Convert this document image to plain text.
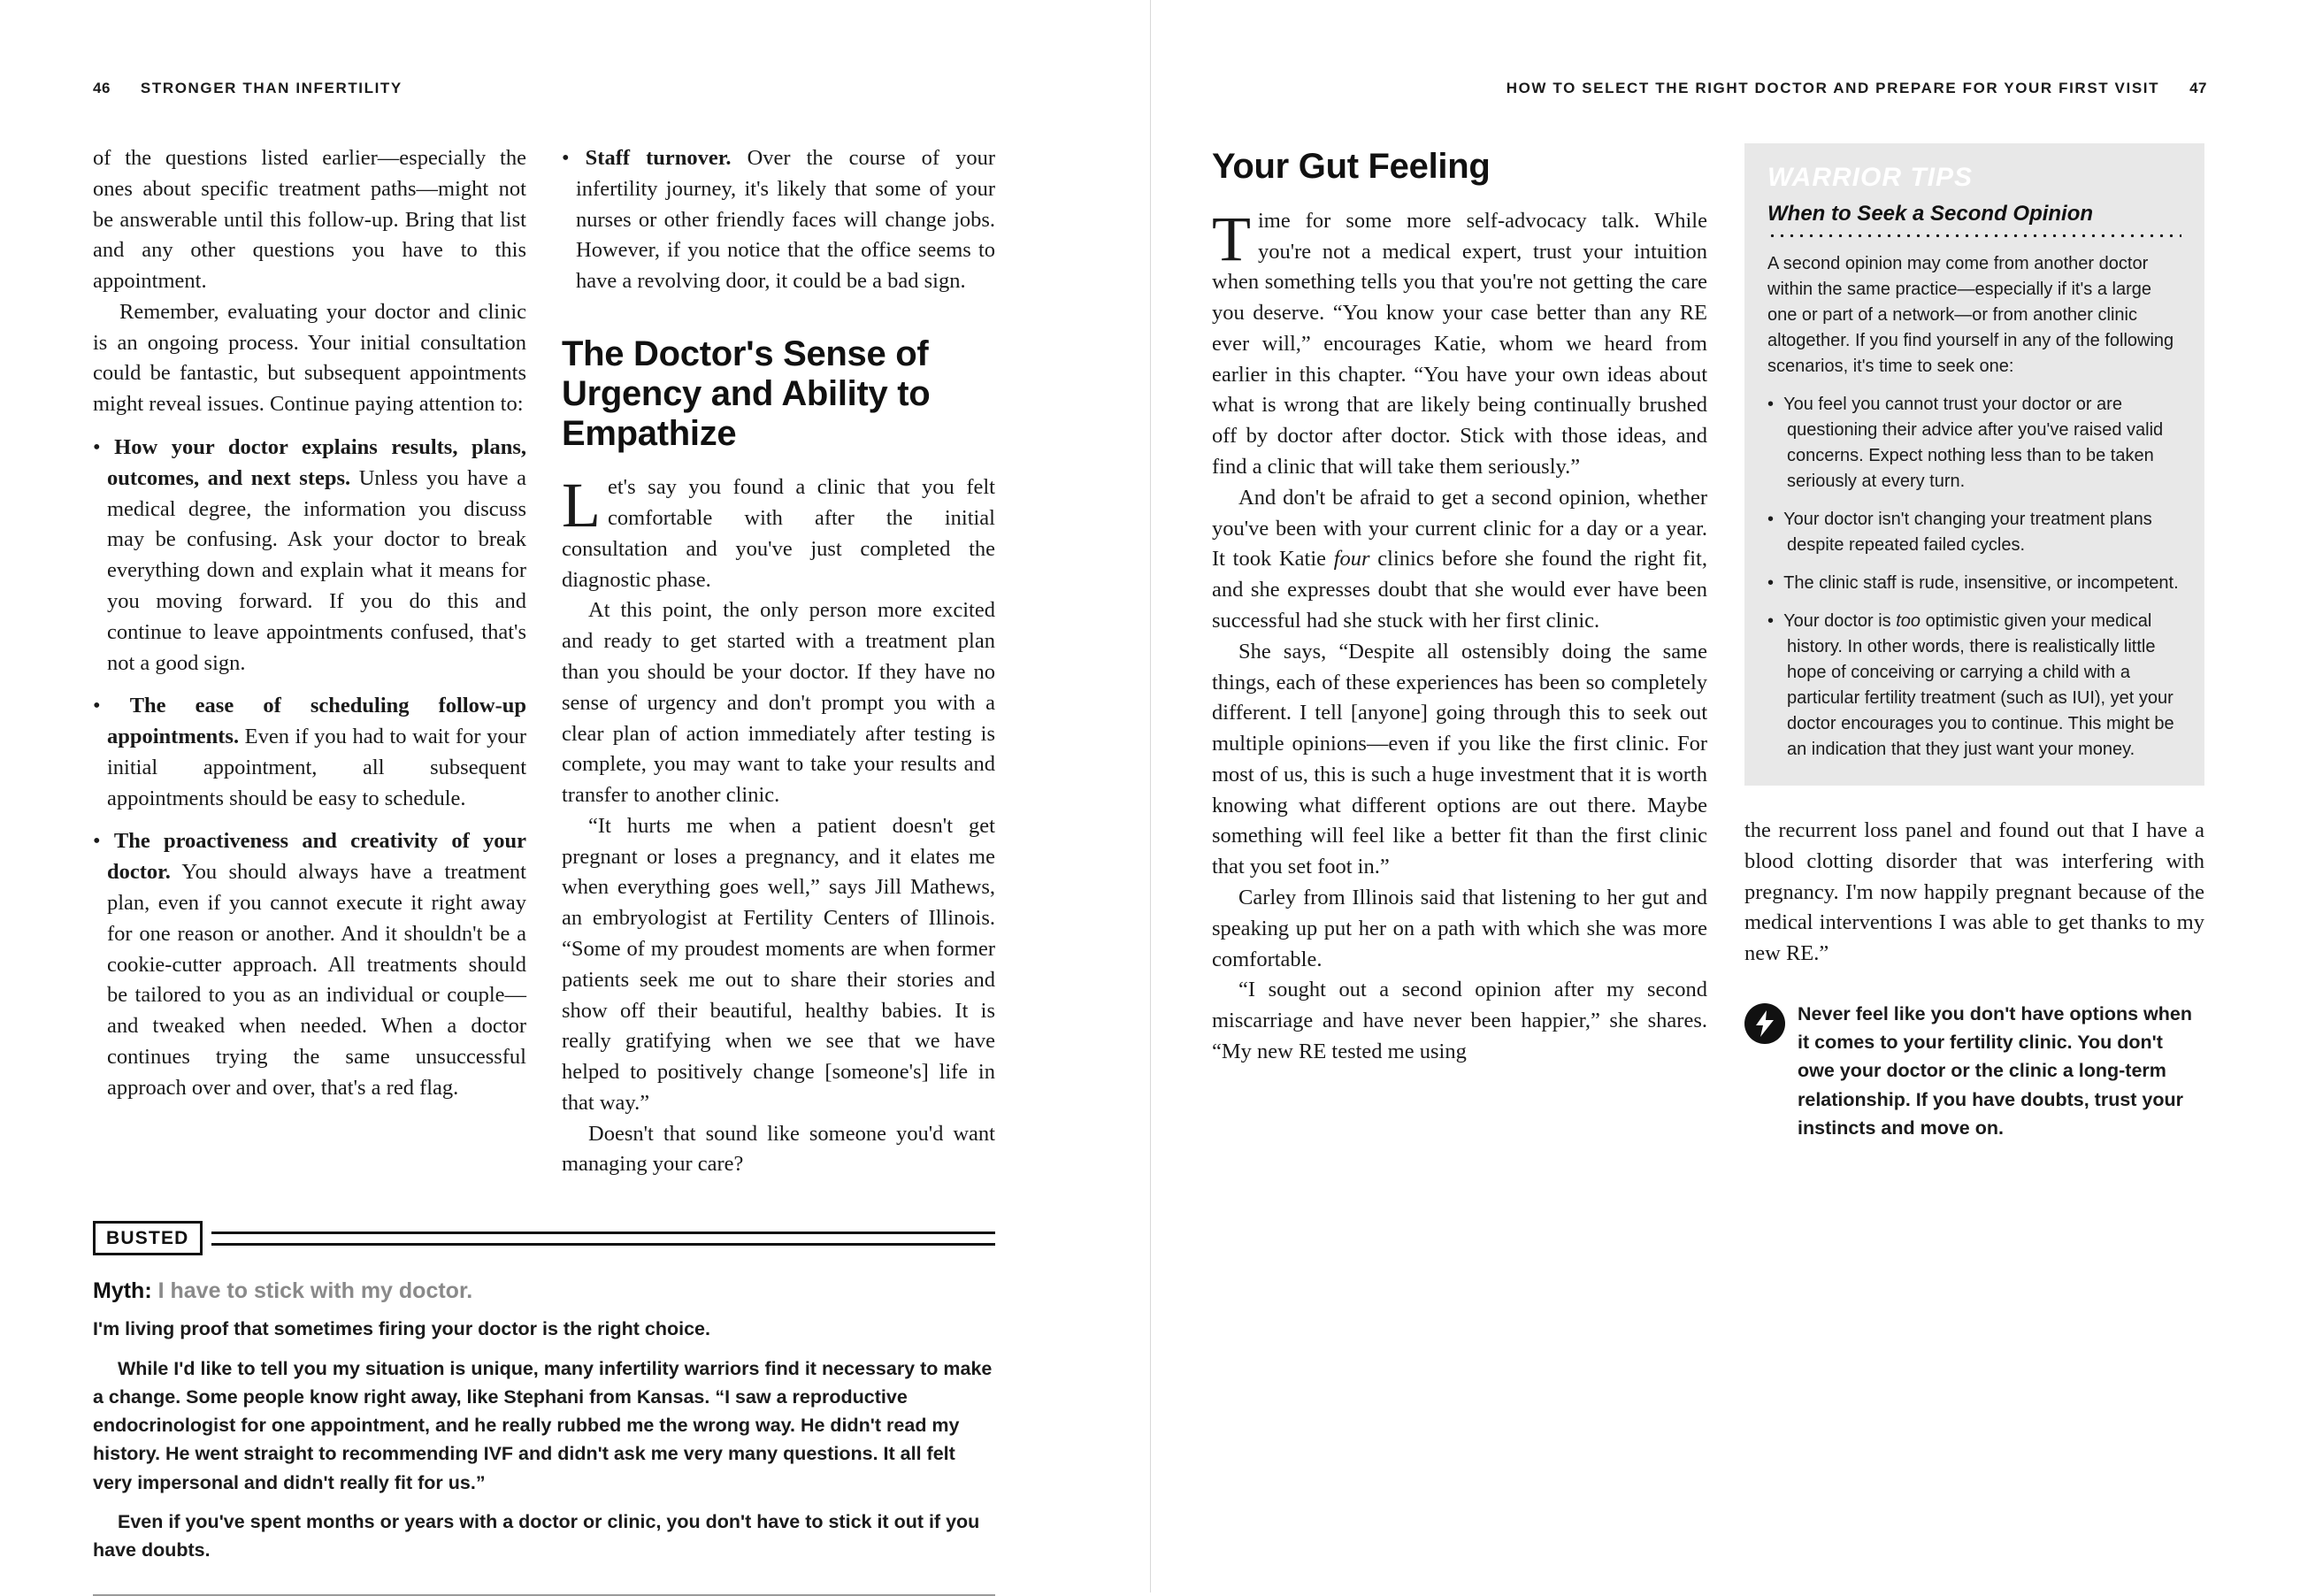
46 STRONGER THAN INFERTILITY

of the questions listed earlier—especially the ones about specific treatment paths—might not be answerable until this follow-up. Bring that list and any other questions you have to this appointment.

Remember, evaluating your doctor and clinic is an ongoing process. Your initial consultation could be fantastic, but subsequent appointments might reveal issues. Continue paying attention to:

• How your doctor explains results, plans, outcomes, and next steps. Unless you have a medical degree, the information you discuss may be confusing. Ask your doctor to break everything down and explain what it means for you moving forward. If you do this and continue to leave appointments confused, that's not a good sign.

• The ease of scheduling follow-up appointments. Even if you had to wait for your initial appointment, all subsequent appointments should be easy to schedule.

• The proactiveness and creativity of your doctor. You should always have a treatment plan, even if you cannot execute it right away for one reason or another. And it shouldn't be a cookie-cutter approach. All treatments should be tailored to you as an individual or couple—and tweaked when needed. When a doctor continues trying the same unsuccessful approach over and over, that's a red flag.

• Staff turnover. Over the course of your infertility journey, it's likely that some of your nurses or other friendly faces will change jobs. However, if you notice that the office seems to have a revolving door, it could be a bad sign.

The Doctor's Sense of Urgency and Ability to Empathize
L et's say you found a clinic that you felt comfortable with after the initial consultation and you've just completed the diagnostic phase.

At this point, the only person more excited and ready to get started with a treatment plan than you should be your doctor. If they have no sense of urgency and don't prompt you with a clear plan of action immediately after testing is complete, you may want to take your results and transfer to another clinic.

“It hurts me when a patient doesn't get pregnant or loses a pregnancy, and it elates me when everything goes well,” says Jill Mathews, an embryologist at Fertility Centers of Illinois. “Some of my proudest moments are when former patients seek me out to share their stories and show off their beautiful, healthy babies. It is really gratifying when we see that we have helped to positively change [someone's] life in that way.”

Doesn't that sound like someone you'd want managing your care?

BUSTED
Myth: I have to stick with my doctor.

I'm living proof that sometimes firing your doctor is the right choice.

While I'd like to tell you my situation is unique, many infertility warriors find it necessary to make a change. Some people know right away, like Stephani from Kansas. “I saw a reproductive endocrinologist for one appointment, and he really rubbed me the wrong way. He didn't read my history. He went straight to recommending IVF and didn't ask me very many questions. It all felt very impersonal and didn't really fit for us.”

Even if you've spent months or years with a doctor or clinic, you don't have to stick it out if you have doubts.

HOW TO SELECT THE RIGHT DOCTOR AND PREPARE FOR YOUR FIRST VISIT 47
Your Gut Feeling
T ime for some more self-advocacy talk. While you're not a medical expert, trust your intuition when something tells you that you're not getting the care you deserve. “You know your case better than any RE ever will,” encourages Katie, whom we heard from earlier in this chapter. “You have your own ideas about what is wrong that are likely being continually brushed off by doctor after doctor. Stick with those ideas, and find a clinic that will take them seriously.”

And don't be afraid to get a second opinion, whether you've been with your current clinic for a day or a year. It took Katie four clinics before she found the right fit, and she expresses doubt that she would ever have been successful had she stuck with her first clinic.

She says, “Despite all ostensibly doing the same things, each of these experiences has been so completely different. I tell [anyone] going through this to seek out multiple opinions—even if you like the first clinic. For most of us, this is such a huge investment that it is worth knowing what different options are out there. Maybe something will feel like a better fit than the first clinic that you set foot in.”

Carley from Illinois said that listening to her gut and speaking up put her on a path with which she was more comfortable.

“I sought out a second opinion after my second miscarriage and have never been happier,” she shares. “My new RE tested me using

WARRIOR TIPS
When to Seek a Second Opinion

A second opinion may come from another doctor within the same practice—especially if it's a large one or part of a network—or from another clinic altogether. If you find yourself in any of the following scenarios, it's time to seek one:

•  You feel you cannot trust your doctor or are questioning their advice after you've raised valid concerns. Expect nothing less than to be taken seriously at every turn.

•  Your doctor isn't changing your treatment plans despite repeated failed cycles.

•  The clinic staff is rude, insensitive, or incompetent.

•  Your doctor is too optimistic given your medical history. In other words, there is realistically little hope of conceiving or carrying a child with a particular fertility treatment (such as IUI), yet your doctor encourages you to continue. This might be an indication that they just want your money.

the recurrent loss panel and found out that I have a blood clotting disorder that was interfering with pregnancy. I'm now happily pregnant because of the medical interventions I was able to get thanks to my new RE.”

Never feel like you don't have options when it comes to your fertility clinic. You don't owe your doctor or the clinic a long-term relationship. If you have doubts, trust your instincts and move on.
